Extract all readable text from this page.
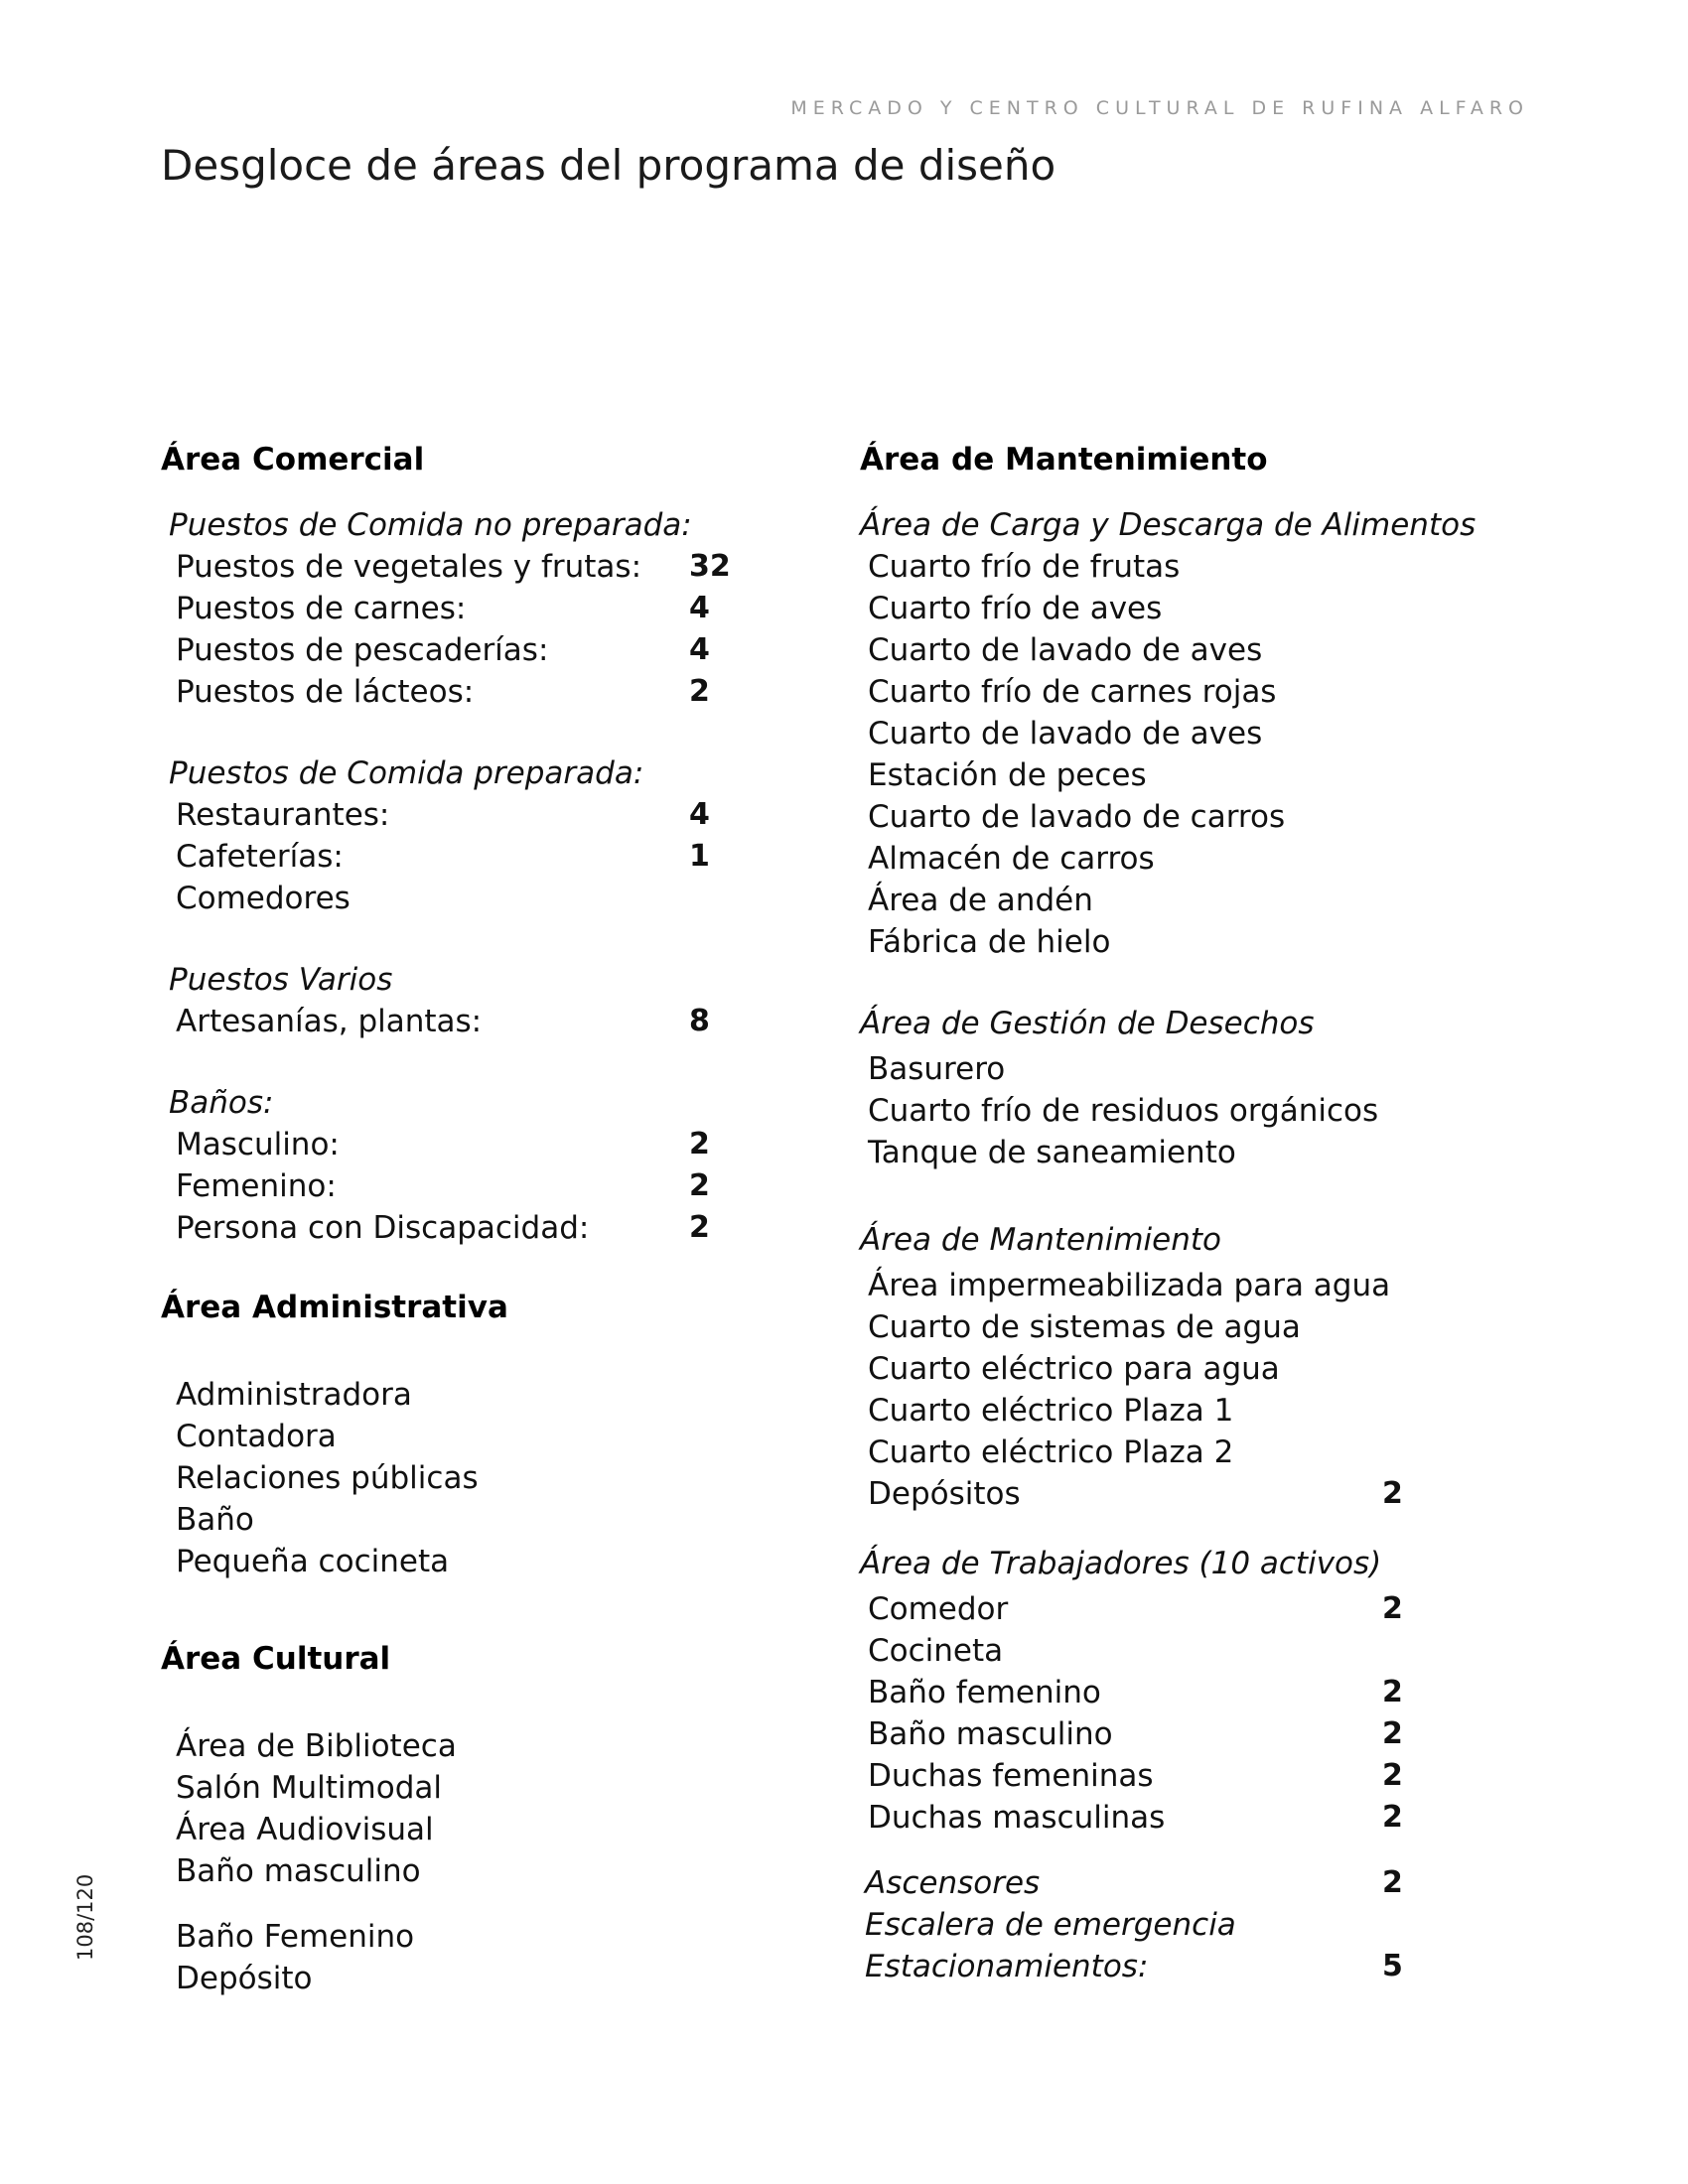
MERCADO Y CENTRO CULTURAL DE RUFINA ALFARO
Desgloce de áreas del programa de diseño
108/120
Área Comercial
Puestos de Comida no preparada:
Puestos de vegetales y frutas: 32
Puestos de carnes:	4
Puestos de pescaderías:	4
Puestos de lácteos:	2
Puestos de Comida preparada:
Restaurantes:	4
Cafeterías:	1
Comedores
Puestos Varios
Artesanías, plantas:	8
Baños:
Masculino:	2
Femenino:	2
Persona con Discapacidad:	2
Área Administrativa
Administradora
Contadora
Relaciones públicas
Baño
Pequeña cocineta
Área Cultural
Área de Biblioteca
Salón Multimodal
Área Audiovisual
Baño masculino
Baño Femenino
Depósito
Área de Mantenimiento
Área de Carga y Descarga de Alimentos
Cuarto frío de frutas
Cuarto frío de aves
Cuarto de lavado de aves
Cuarto frío de carnes rojas
Cuarto de lavado de aves
Estación de peces
Cuarto de lavado de carros
Almacén de carros
Área de andén
Fábrica de hielo
Área de Gestión de Desechos
Basurero
Cuarto frío de residuos orgánicos
Tanque de saneamiento
Área de Mantenimiento
Área impermeabilizada para agua
Cuarto de sistemas de agua
Cuarto eléctrico para agua
Cuarto eléctrico Plaza 1
Cuarto eléctrico Plaza 2
Depósitos	2
Área de Trabajadores (10 activos)
Comedor	2
Cocineta
Baño femenino	2
Baño masculino	2
Duchas femeninas	2
Duchas masculinas	2
Ascensores	2
Escalera de emergencia
Estacionamientos:	5
